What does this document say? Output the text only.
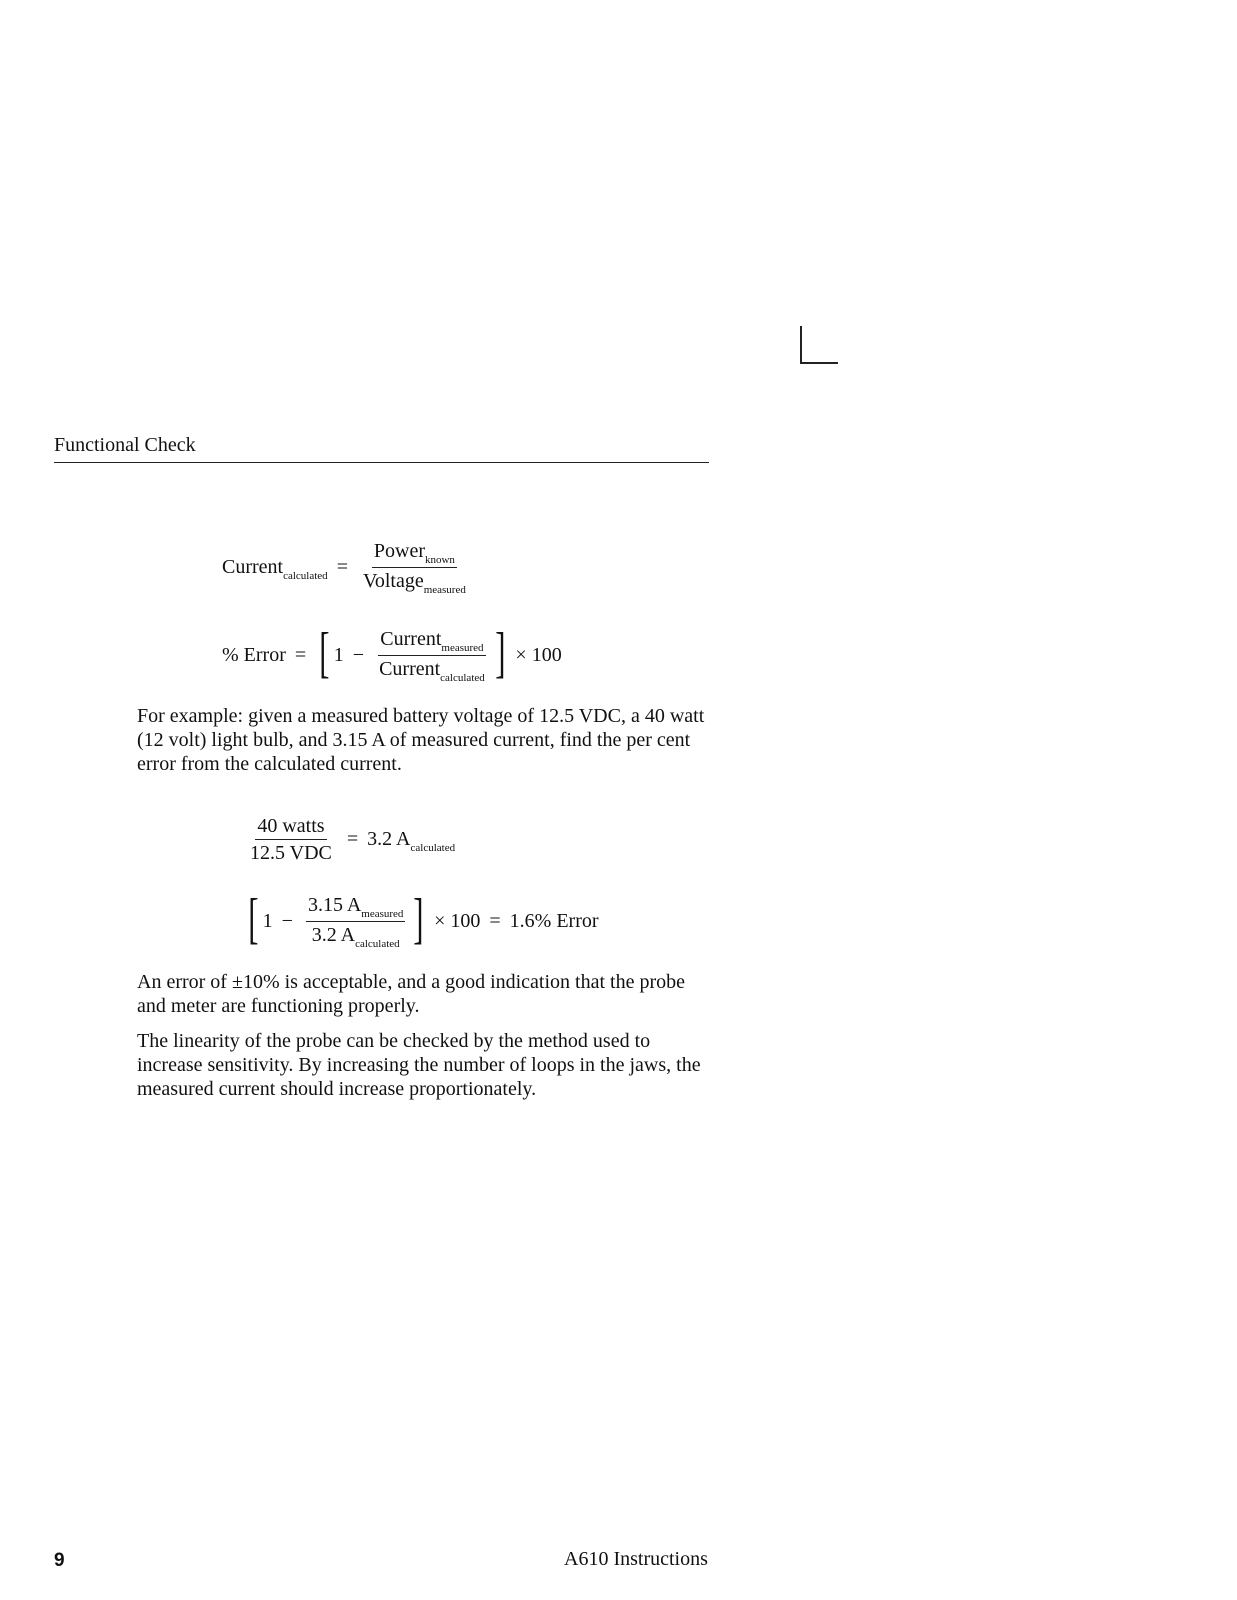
Functional Check
Current$_{calculated}$ = $\frac{Power_{known}}{Voltage_{measured}}$
% Error = [ $1 - \frac{Current_{measured}}{Current_{calculated}}$ ] × 100

For example: given a measured battery voltage of 12.5 VDC, a 40 watt (12 volt) light bulb, and 3.15 A of measured current, find the per cent error from the calculated current.

$\frac{\text{40 watts}}{\text{12.5 VDC}} = 3.2$ $A_{calculated}$
[ $1 - \frac{3.15 A_{measured}}{3.2 A_{calculated}}$ ] × 100 = 1.6% Error

An error of ±10% is acceptable, and a good indication that the probe and meter are functioning properly.

The linearity of the probe can be checked by the method used to increase sensitivity. By increasing the number of loops in the jaws, the measured current should increase proportionately.

9	A610 Instructions
